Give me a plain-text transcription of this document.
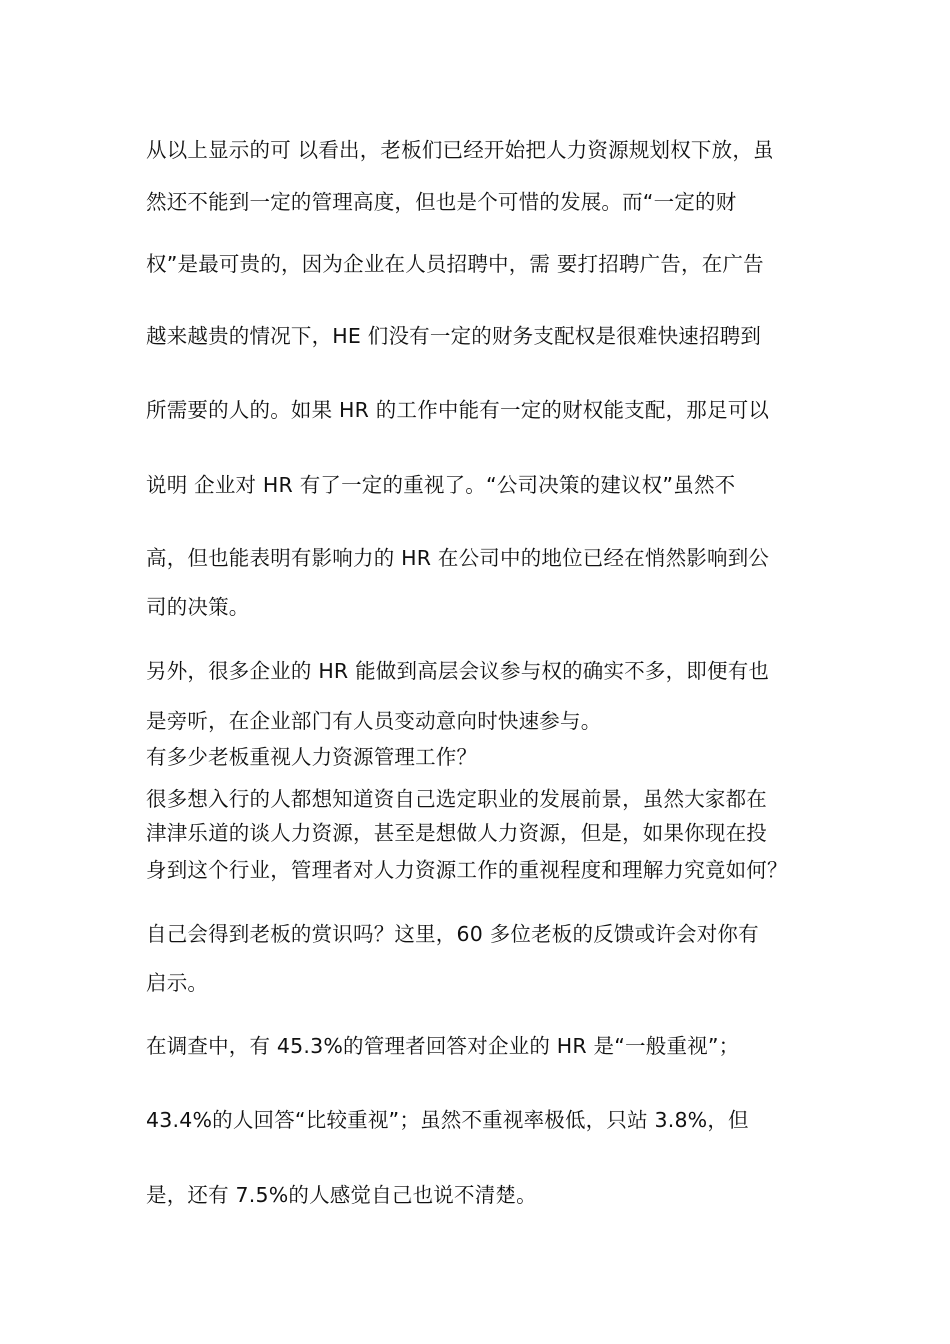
从以上显示的可 以看出，老板们已经开始把人力资源规划权下放，虽
然还不能到一定的管理高度，但也是个可惜的发展。而“一定的财
权”是最可贵的，因为企业在人员招聘中，需 要打招聘广告，在广告
越来越贵的情况下，HE 们没有一定的财务支配权是很难快速招聘到
所需要的人的。如果 HR 的工作中能有一定的财权能支配，那足可以
说明 企业对 HR 有了一定的重视了。“公司决策的建议权”虽然不
高，但也能表明有影响力的 HR 在公司中的地位已经在悄然影响到公
司的决策。
另外，很多企业的 HR 能做到高层会议参与权的确实不多，即便有也
是旁听，在企业部门有人员变动意向时快速参与。
有多少老板重视人力资源管理工作？
很多想入行的人都想知道资自己选定职业的发展前景，虽然大家都在
津津乐道的谈人力资源，甚至是想做人力资源，但是，如果你现在投
身到这个行业，管理者对人力资源工作的重视程度和理解力究竟如何？
自己会得到老板的赏识吗？这里，60 多位老板的反馈或许会对你有
启示。
在调查中，有 45.3%的管理者回答对企业的 HR 是“一般重视”；
43.4%的人回答“比较重视”；虽然不重视率极低，只站 3.8%，但
是，还有 7.5%的人感觉自己也说不清楚。
